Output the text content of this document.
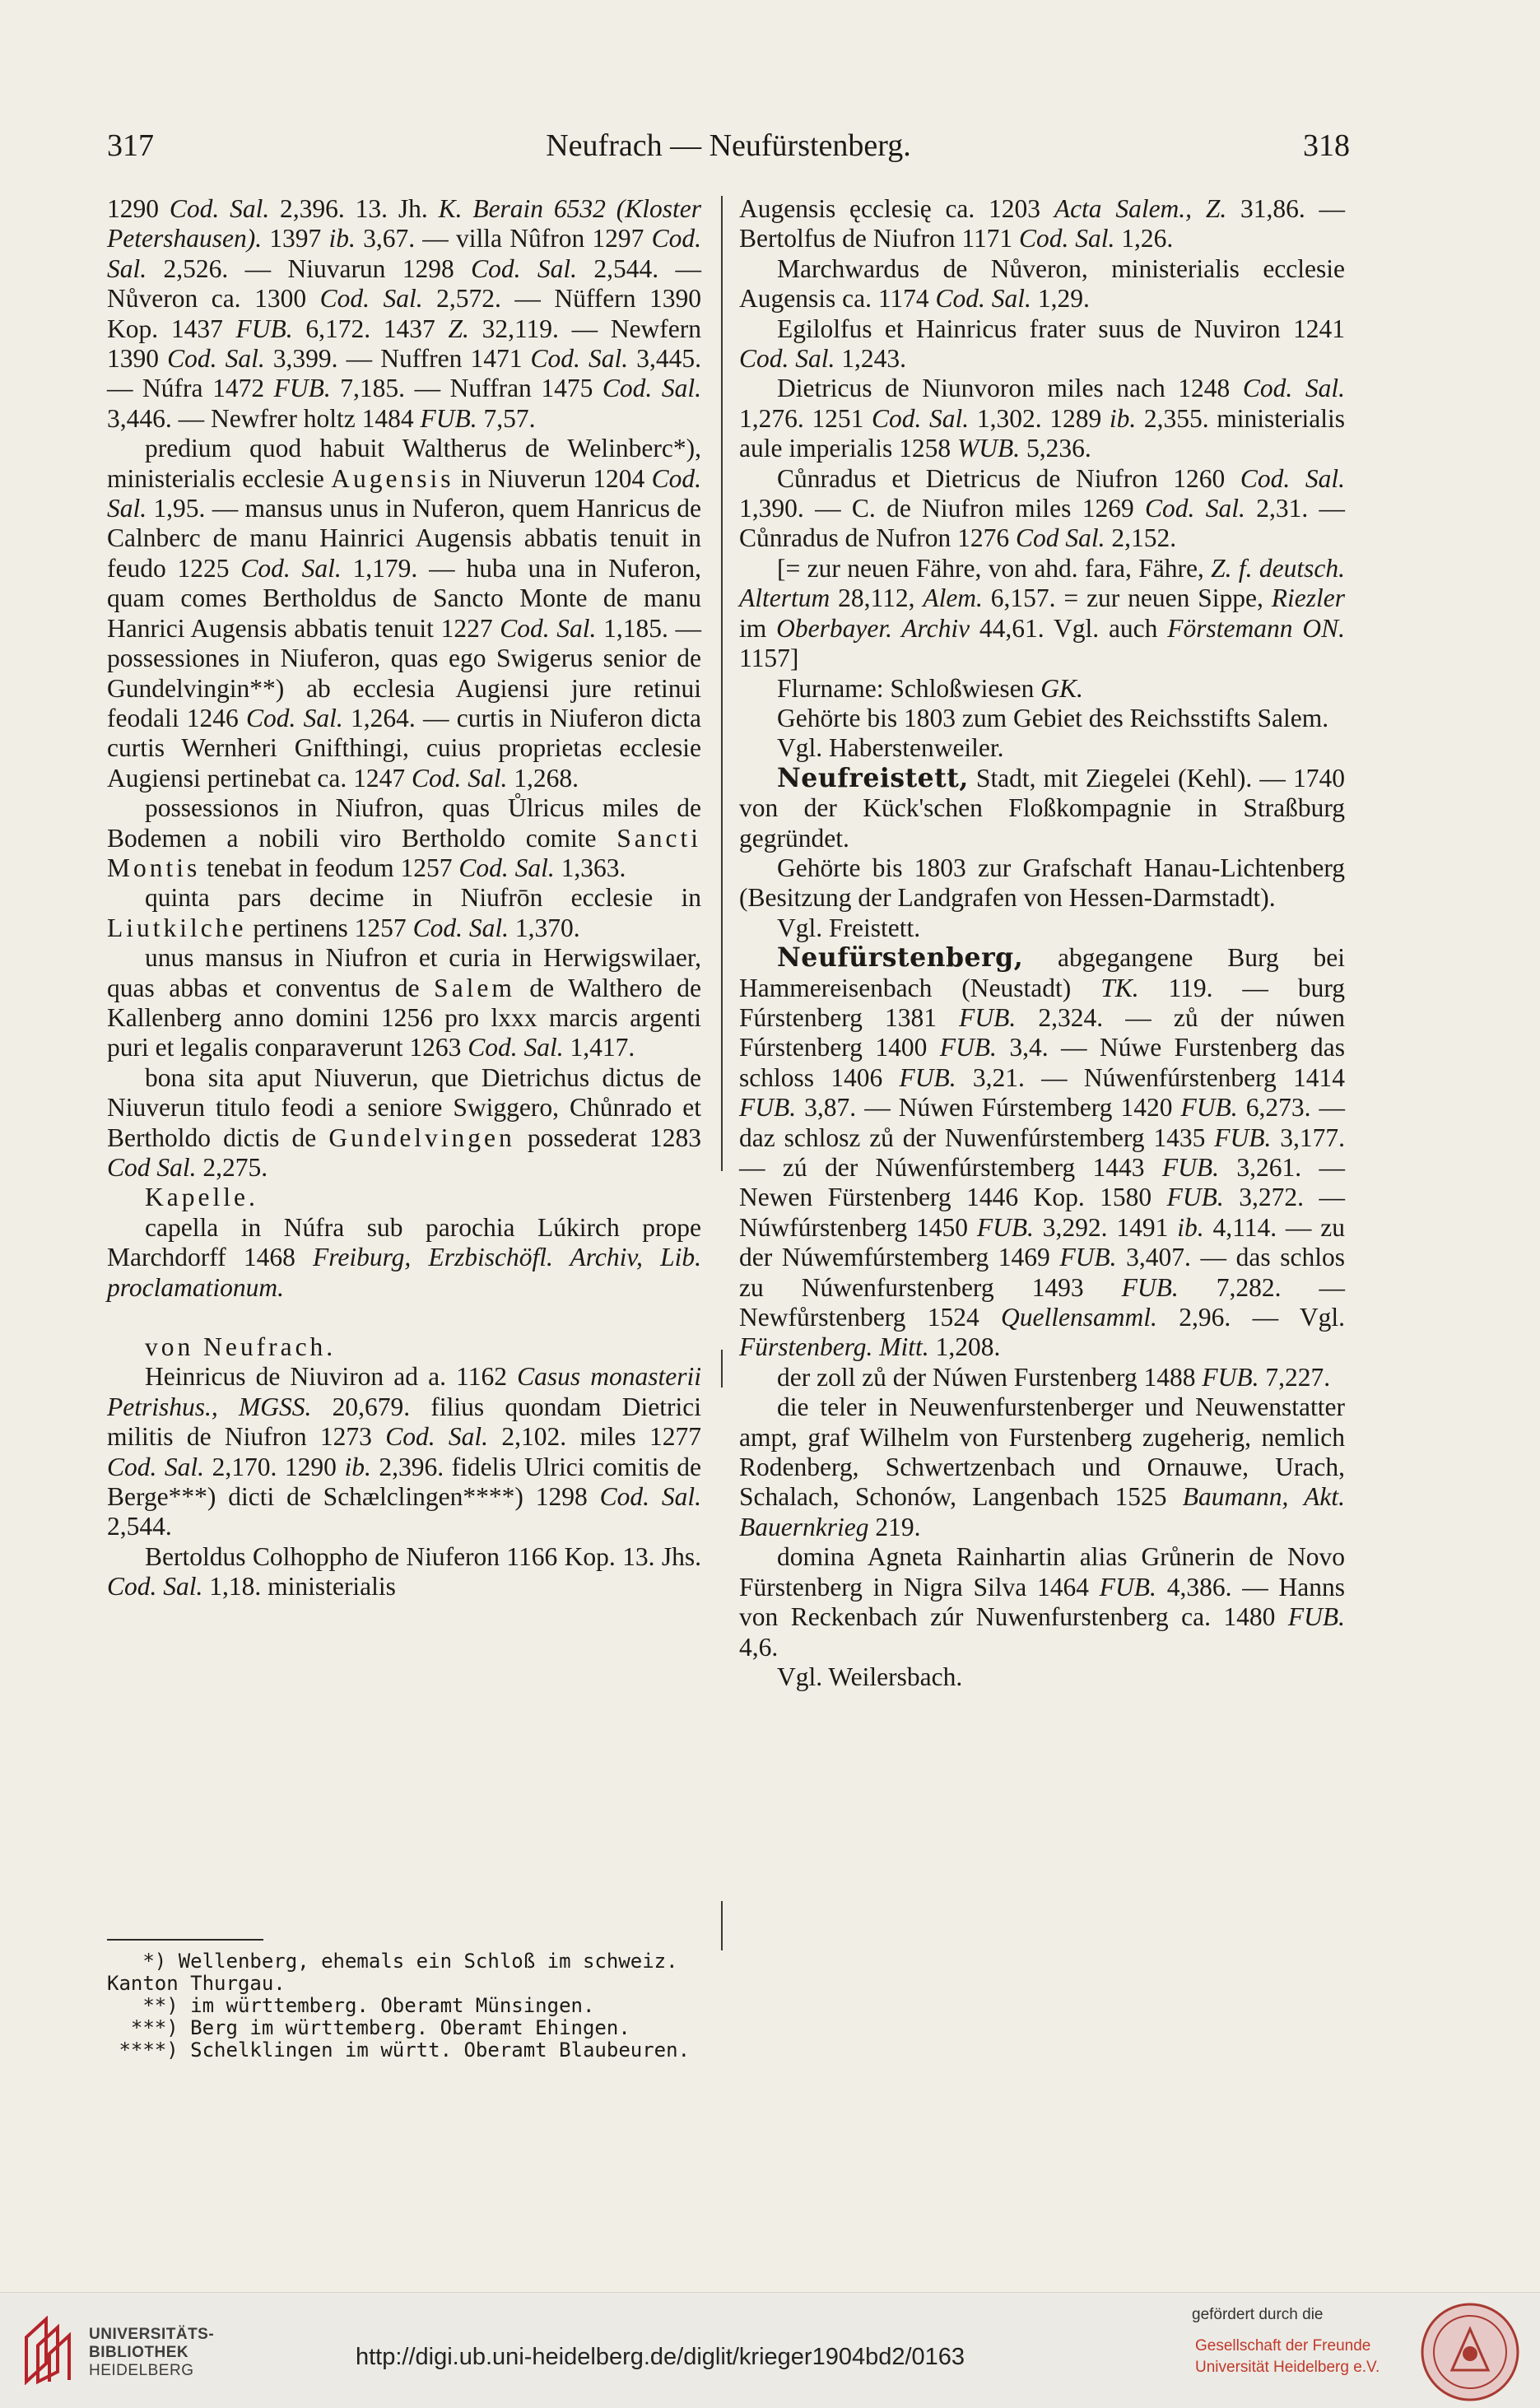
317	Neufrach — Neufürstenberg.	318

1290 Cod. Sal. 2,396. 13. Jh. K. Berain 6532 (Kloster Petershausen). 1397 ib. 3,67. — villa Nûfron 1297 Cod. Sal. 2,526. — Niuvarun 1298 Cod. Sal. 2,544. — Nůveron ca. 1300 Cod. Sal. 2,572. — Nüffern 1390 Kop. 1437 FUB. 6,172. 1437 Z. 32,119. — Newfern 1390 Cod. Sal. 3,399. — Nuffren 1471 Cod. Sal. 3,445. — Núfra 1472 FUB. 7,185. — Nuffran 1475 Cod. Sal. 3,446. — Newfrer holtz 1484 FUB. 7,57.

predium quod habuit Waltherus de Welinberc*), ministerialis ecclesie Augensis in Niuverun 1204 Cod. Sal. 1,95. — mansus unus in Nuferon, quem Hanricus de Calnberc de manu Hainrici Augensis abbatis tenuit in feudo 1225 Cod. Sal. 1,179. — huba una in Nuferon, quam comes Bertholdus de Sancto Monte de manu Hanrici Augensis abbatis tenuit 1227 Cod. Sal. 1,185. — possessiones in Niuferon, quas ego Swigerus senior de Gundelvingin**) ab ecclesia Augiensi jure retinui feodali 1246 Cod. Sal. 1,264. — curtis in Niuferon dicta curtis Wernheri Gnifthingi, cuius proprietas ecclesie Augiensi pertinebat ca. 1247 Cod. Sal. 1,268.

possessionos in Niufron, quas Ůlricus miles de Bodemen a nobili viro Bertholdo comite Sancti Montis tenebat in feodum 1257 Cod. Sal. 1,363.

quinta pars decime in Niufrōn ecclesie in Liutkilche pertinens 1257 Cod. Sal. 1,370.

unus mansus in Niufron et curia in Herwigswilaer, quas abbas et conventus de Salem de Walthero de Kallenberg anno domini 1256 pro lxxx marcis argenti puri et legalis conparaverunt 1263 Cod. Sal. 1,417.

bona sita aput Niuverun, que Dietrichus dictus de Niuverun titulo feodi a seniore Swiggero, Chůnrado et Bertholdo dictis de Gundelvingen possederat 1283 Cod Sal. 2,275.

Kapelle.

capella in Núfra sub parochia Lúkirch prope Marchdorff 1468 Freiburg, Erzbischöfl. Archiv, Lib. proclamationum.

von Neufrach.

Heinricus de Niuviron ad a. 1162 Casus monasterii Petrishus., MGSS. 20,679. filius quondam Dietrici militis de Niufron 1273 Cod. Sal. 2,102. miles 1277 Cod. Sal. 2,170. 1290 ib. 2,396. fidelis Ulrici comitis de Berge***) dicti de Schælclingen****) 1298 Cod. Sal. 2,544.

Bertoldus Colhoppho de Niuferon 1166 Kop. 13. Jhs. Cod. Sal. 1,18. ministerialis

Augensis ęcclesię ca. 1203 Acta Salem., Z. 31,86. — Bertolfus de Niufron 1171 Cod. Sal. 1,26.

Marchwardus de Nůveron, ministerialis ecclesie Augensis ca. 1174 Cod. Sal. 1,29.

Egilolfus et Hainricus frater suus de Nuviron 1241 Cod. Sal. 1,243.

Dietricus de Niunvoron miles nach 1248 Cod. Sal. 1,276. 1251 Cod. Sal. 1,302. 1289 ib. 2,355. ministerialis aule imperialis 1258 WUB. 5,236.

Cůnradus et Dietricus de Niufron 1260 Cod. Sal. 1,390. — C. de Niufron miles 1269 Cod. Sal. 2,31. — Cůnradus de Nufron 1276 Cod Sal. 2,152.

[= zur neuen Fähre, von ahd. fara, Fähre, Z. f. deutsch. Altertum 28,112, Alem. 6,157. = zur neuen Sippe, Riezler im Oberbayer. Archiv 44,61. Vgl. auch Förstemann ON. 1157]

Flurname: Schloßwiesen GK.

Gehörte bis 1803 zum Gebiet des Reichsstifts Salem.

Vgl. Haberstenweiler.

Neufreistett, Stadt, mit Ziegelei (Kehl). — 1740 von der Kück'schen Floßkompagnie in Straßburg gegründet.

Gehörte bis 1803 zur Grafschaft Hanau-Lichtenberg (Besitzung der Landgrafen von Hessen-Darmstadt).

Vgl. Freistett.

Neufürstenberg, abgegangene Burg bei Hammereisenbach (Neustadt) TK. 119. — burg Fúrstenberg 1381 FUB. 2,324. — zů der núwen Fúrstenberg 1400 FUB. 3,4. — Núwe Furstenberg das schloss 1406 FUB. 3,21. — Núwenfúrstenberg 1414 FUB. 3,87. — Núwen Fúrstemberg 1420 FUB. 6,273. — daz schlosz zů der Nuwenfúrstemberg 1435 FUB. 3,177. — zú der Núwenfúrstemberg 1443 FUB. 3,261. — Newen Fürstenberg 1446 Kop. 1580 FUB. 3,272. — Núwfúrstenberg 1450 FUB. 3,292. 1491 ib. 4,114. — zu der Núwemfúrstemberg 1469 FUB. 3,407. — das schlos zu Núwenfurstenberg 1493 FUB. 7,282. — Newfůrstenberg 1524 Quellensamml. 2,96. — Vgl. Fürstenberg. Mitt. 1,208.

der zoll zů der Núwen Furstenberg 1488 FUB. 7,227.

die teler in Neuwenfurstenberger und Neuwenstatter ampt, graf Wilhelm von Furstenberg zugeherig, nemlich Rodenberg, Schwertzenbach und Ornauwe, Urach, Schalach, Schonów, Langenbach 1525 Baumann, Akt. Bauernkrieg 219.

domina Agneta Rainhartin alias Grůnerin de Novo Fürstenberg in Nigra Silva 1464 FUB. 4,386. — Hanns von Reckenbach zúr Nuwenfurstenberg ca. 1480 FUB. 4,6.

Vgl. Weilersbach.

*) Wellenberg, ehemals ein Schloß im schweiz.
Kanton Thurgau.
**) im württemberg. Oberamt Münsingen.
***) Berg im württemberg. Oberamt Ehingen.
****) Schelklingen im württ. Oberamt Blaubeuren.
UNIVERSITÄTS-
BIBLIOTHEK
HEIDELBERG
http://digi.ub.uni-heidelberg.de/diglit/krieger1904bd2/0163
gefördert durch die
Gesellschaft der Freunde
Universität Heidelberg e.V.
